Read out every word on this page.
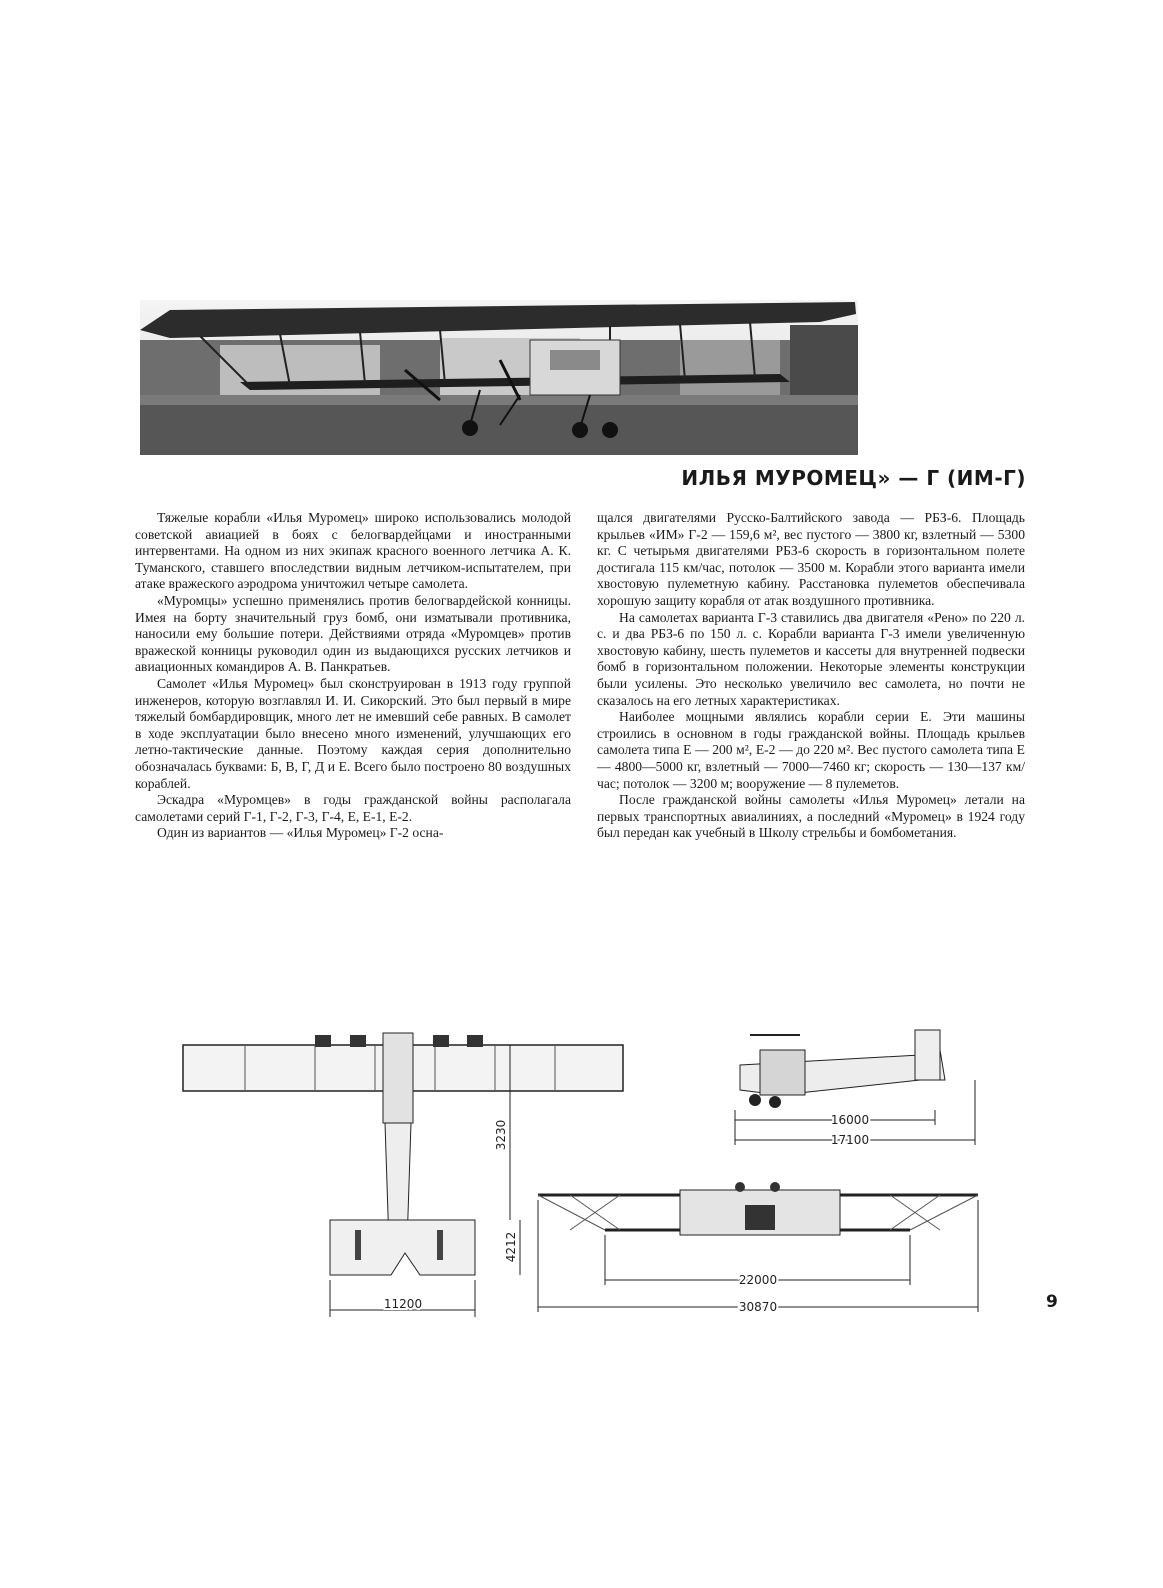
ИЛЬЯ МУРОМЕЦ» — Г (ИМ-Г)

Тяжелые корабли «Илья Муромец» широко использовались молодой советской авиацией в боях с белогвардейцами и иностранными интервентами. На одном из них экипаж красного военного летчика А. К. Туманского, ставшего впоследствии видным летчиком-испытателем, при атаке вражеского аэродрома уничтожил четыре самолета.

«Муромцы» успешно применялись против белогвардейской конницы. Имея на борту значительный груз бомб, они изматывали противника, наносили ему большие потери. Действиями отряда «Муромцев» против вражеской конницы руководил один из выдающихся русских летчиков и авиационных командиров А. В. Панкратьев.

Самолет «Илья Муромец» был сконструирован в 1913 году группой инженеров, которую возглавлял И. И. Сикорский. Это был первый в мире тяжелый бомбардировщик, много лет не имевший себе равных. В самолет в ходе эксплуатации было внесено много изменений, улучшающих его летно-тактические данные. Поэтому каждая серия дополнительно обозначалась буквами: Б, В, Г, Д и Е. Всего было построено 80 воздушных кораблей.

Эскадра «Муромцев» в годы гражданской войны располагала самолетами серий Г-1, Г-2, Г-3, Г-4, Е, Е-1, Е-2.

Один из вариантов — «Илья Муромец» Г-2 осна-

щался двигателями Русско-Балтийского завода — РБЗ-6. Площадь крыльев «ИМ» Г-2 — 159,6 м², вес пустого — 3800 кг, взлетный — 5300 кг. С четырьмя двигателями РБЗ-6 скорость в горизонтальном полете достигала 115 км/час, потолок — 3500 м. Корабли этого варианта имели хвостовую пулеметную кабину. Расстановка пулеметов обеспечивала хорошую защиту корабля от атак воздушного противника.

На самолетах варианта Г-3 ставились два двигателя «Рено» по 220 л. с. и два РБЗ-6 по 150 л. с. Корабли варианта Г-3 имели увеличенную хвостовую кабину, шесть пулеметов и кассеты для внутренней подвески бомб в горизонтальном положении. Некоторые элементы конструкции были усилены. Это несколько увеличило вес самолета, но почти не сказалось на его летных характеристиках.

Наиболее мощными являлись корабли серии Е. Эти машины строились в основном в годы гражданской войны. Площадь крыльев самолета типа Е — 200 м², Е-2 — до 220 м². Вес пустого самолета типа Е — 4800—5000 кг, взлетный — 7000—7460 кг; скорость — 130—137 км/час; потолок — 3200 м; вооружение — 8 пулеметов.

После гражданской войны самолеты «Илья Муромец» летали на первых транспортных авиалиниях, а последний «Муромец» в 1924 году был передан как учебный в Школу стрельбы и бомбометания.

3230
4212
11200
16000
17100
22000
30870	9
